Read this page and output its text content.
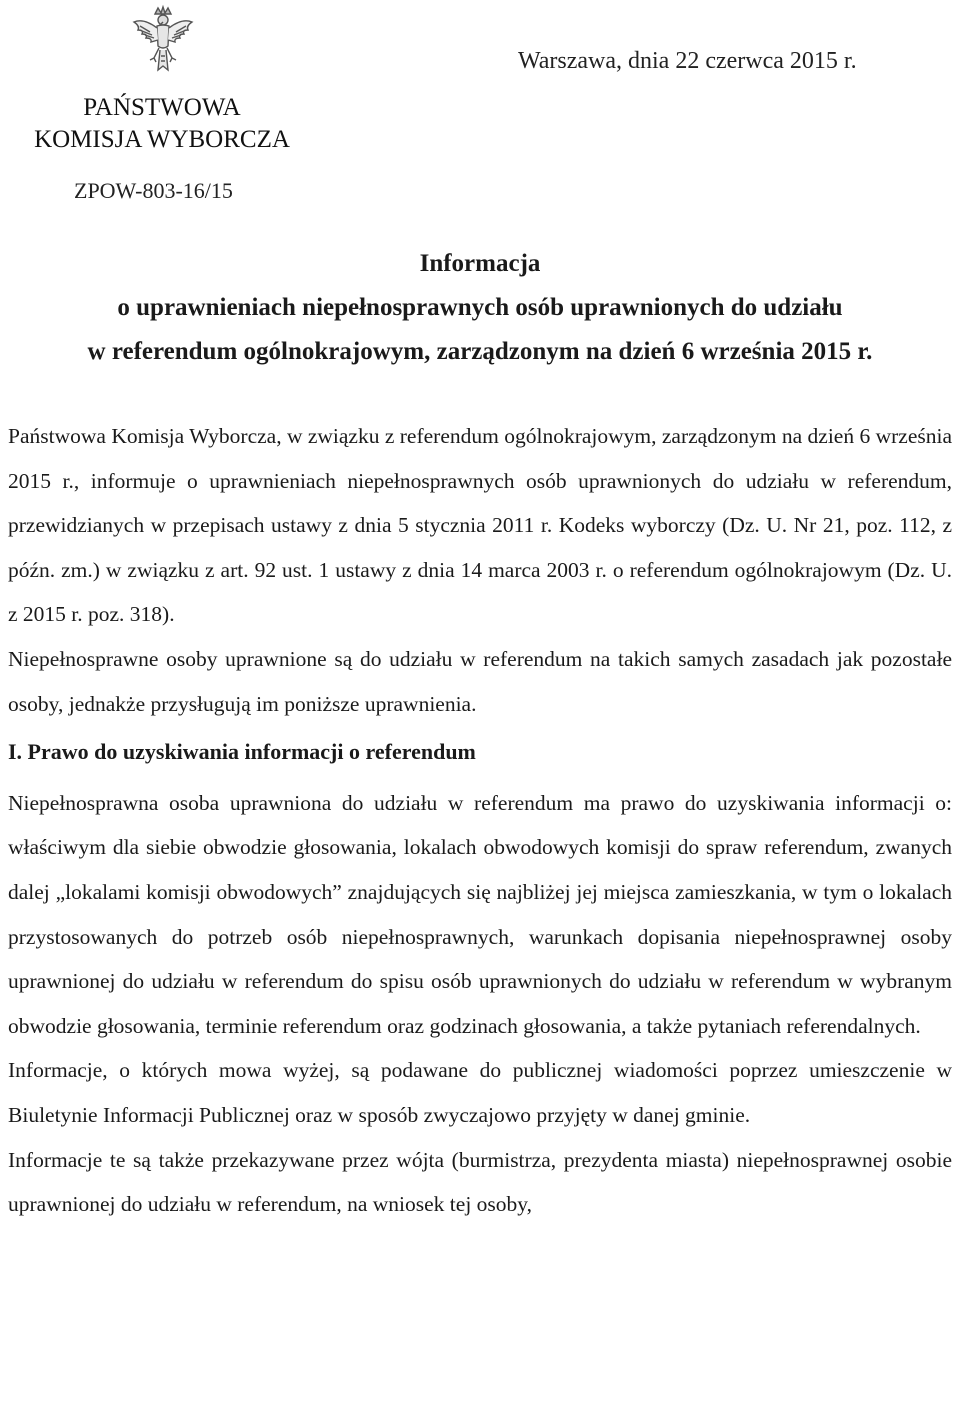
PAŃSTWOWA
KOMISJA WYBORCZA
ZPOW-803-16/15
Warszawa, dnia 22 czerwca 2015 r.
Informacja
o uprawnieniach niepełnosprawnych osób uprawnionych do udziału
w referendum ogólnokrajowym, zarządzonym na dzień 6 września 2015 r.

Państwowa Komisja Wyborcza, w związku z referendum ogólnokrajowym, zarządzonym na dzień 6 września 2015 r., informuje o uprawnieniach niepełnosprawnych osób uprawnionych do udziału w referendum, przewidzianych w przepisach ustawy z dnia 5 stycznia 2011 r. Kodeks wyborczy (Dz. U. Nr 21, poz. 112, z późn. zm.) w związku z art. 92 ust. 1 ustawy z dnia 14 marca 2003 r. o referendum ogólnokrajowym (Dz. U. z 2015 r. poz. 318).

Niepełnosprawne osoby uprawnione są do udziału w referendum na takich samych zasadach jak pozostałe osoby, jednakże przysługują im poniższe uprawnienia.

I. Prawo do uzyskiwania informacji o referendum

Niepełnosprawna osoba uprawniona do udziału w referendum ma prawo do uzyskiwania informacji o: właściwym dla siebie obwodzie głosowania, lokalach obwodowych komisji do spraw referendum, zwanych dalej „lokalami komisji obwodowych” znajdujących się najbliżej jej miejsca zamieszkania, w tym o lokalach przystosowanych do potrzeb osób niepełnosprawnych, warunkach dopisania niepełnosprawnej osoby uprawnionej do udziału w referendum do spisu osób uprawnionych do udziału w referendum w wybranym obwodzie głosowania, terminie referendum oraz godzinach głosowania, a także pytaniach referendalnych.

Informacje, o których mowa wyżej, są podawane do publicznej wiadomości poprzez umieszczenie w Biuletynie Informacji Publicznej oraz w sposób zwyczajowo przyjęty w danej gminie.

Informacje te są także przekazywane przez wójta (burmistrza, prezydenta miasta) niepełnosprawnej osobie uprawnionej do udziału w referendum, na wniosek tej osoby,
